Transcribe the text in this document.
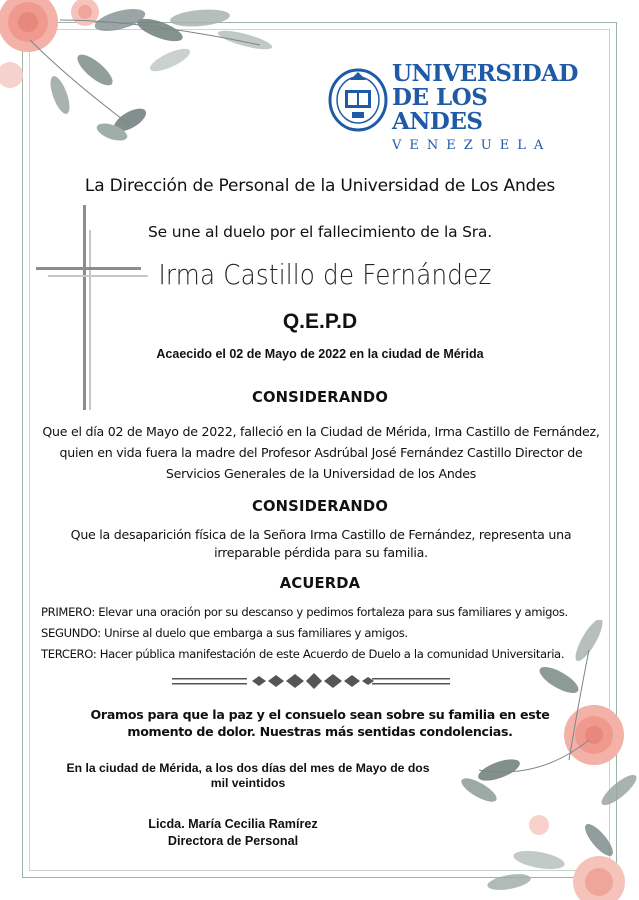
UNIVERSIDAD
DE LOS ANDES
VENEZUELA
La Dirección de Personal de la Universidad de Los Andes
Se une al duelo por el fallecimiento de la Sra.
Irma Castillo de Fernández
Q.E.P.D
Acaecido el 02 de Mayo de 2022 en la ciudad de Mérida
CONSIDERANDO
Que el día 02 de Mayo de 2022, falleció en la Ciudad de Mérida, Irma Castillo de Fernández, quien en vida fuera la madre del Profesor Asdrúbal José Fernández Castillo Director de Servicios Generales de la Universidad de los Andes
CONSIDERANDO
Que la desaparición física de la Señora Irma Castillo de Fernández, representa una irreparable pérdida para su familia.
ACUERDA
PRIMERO: Elevar una oración por su descanso y pedimos fortaleza para sus familiares y amigos.
SEGUNDO: Unirse al duelo que embarga a sus familiares y amigos.
TERCERO: Hacer pública manifestación de este Acuerdo de Duelo a la comunidad Universitaria.
Oramos para que la paz y el consuelo sean sobre su familia en este momento de dolor. Nuestras más sentidas condolencias.
En la ciudad de Mérida, a los dos días del mes de Mayo de dos mil veintidos
Licda. María Cecilia Ramírez
Directora de Personal
